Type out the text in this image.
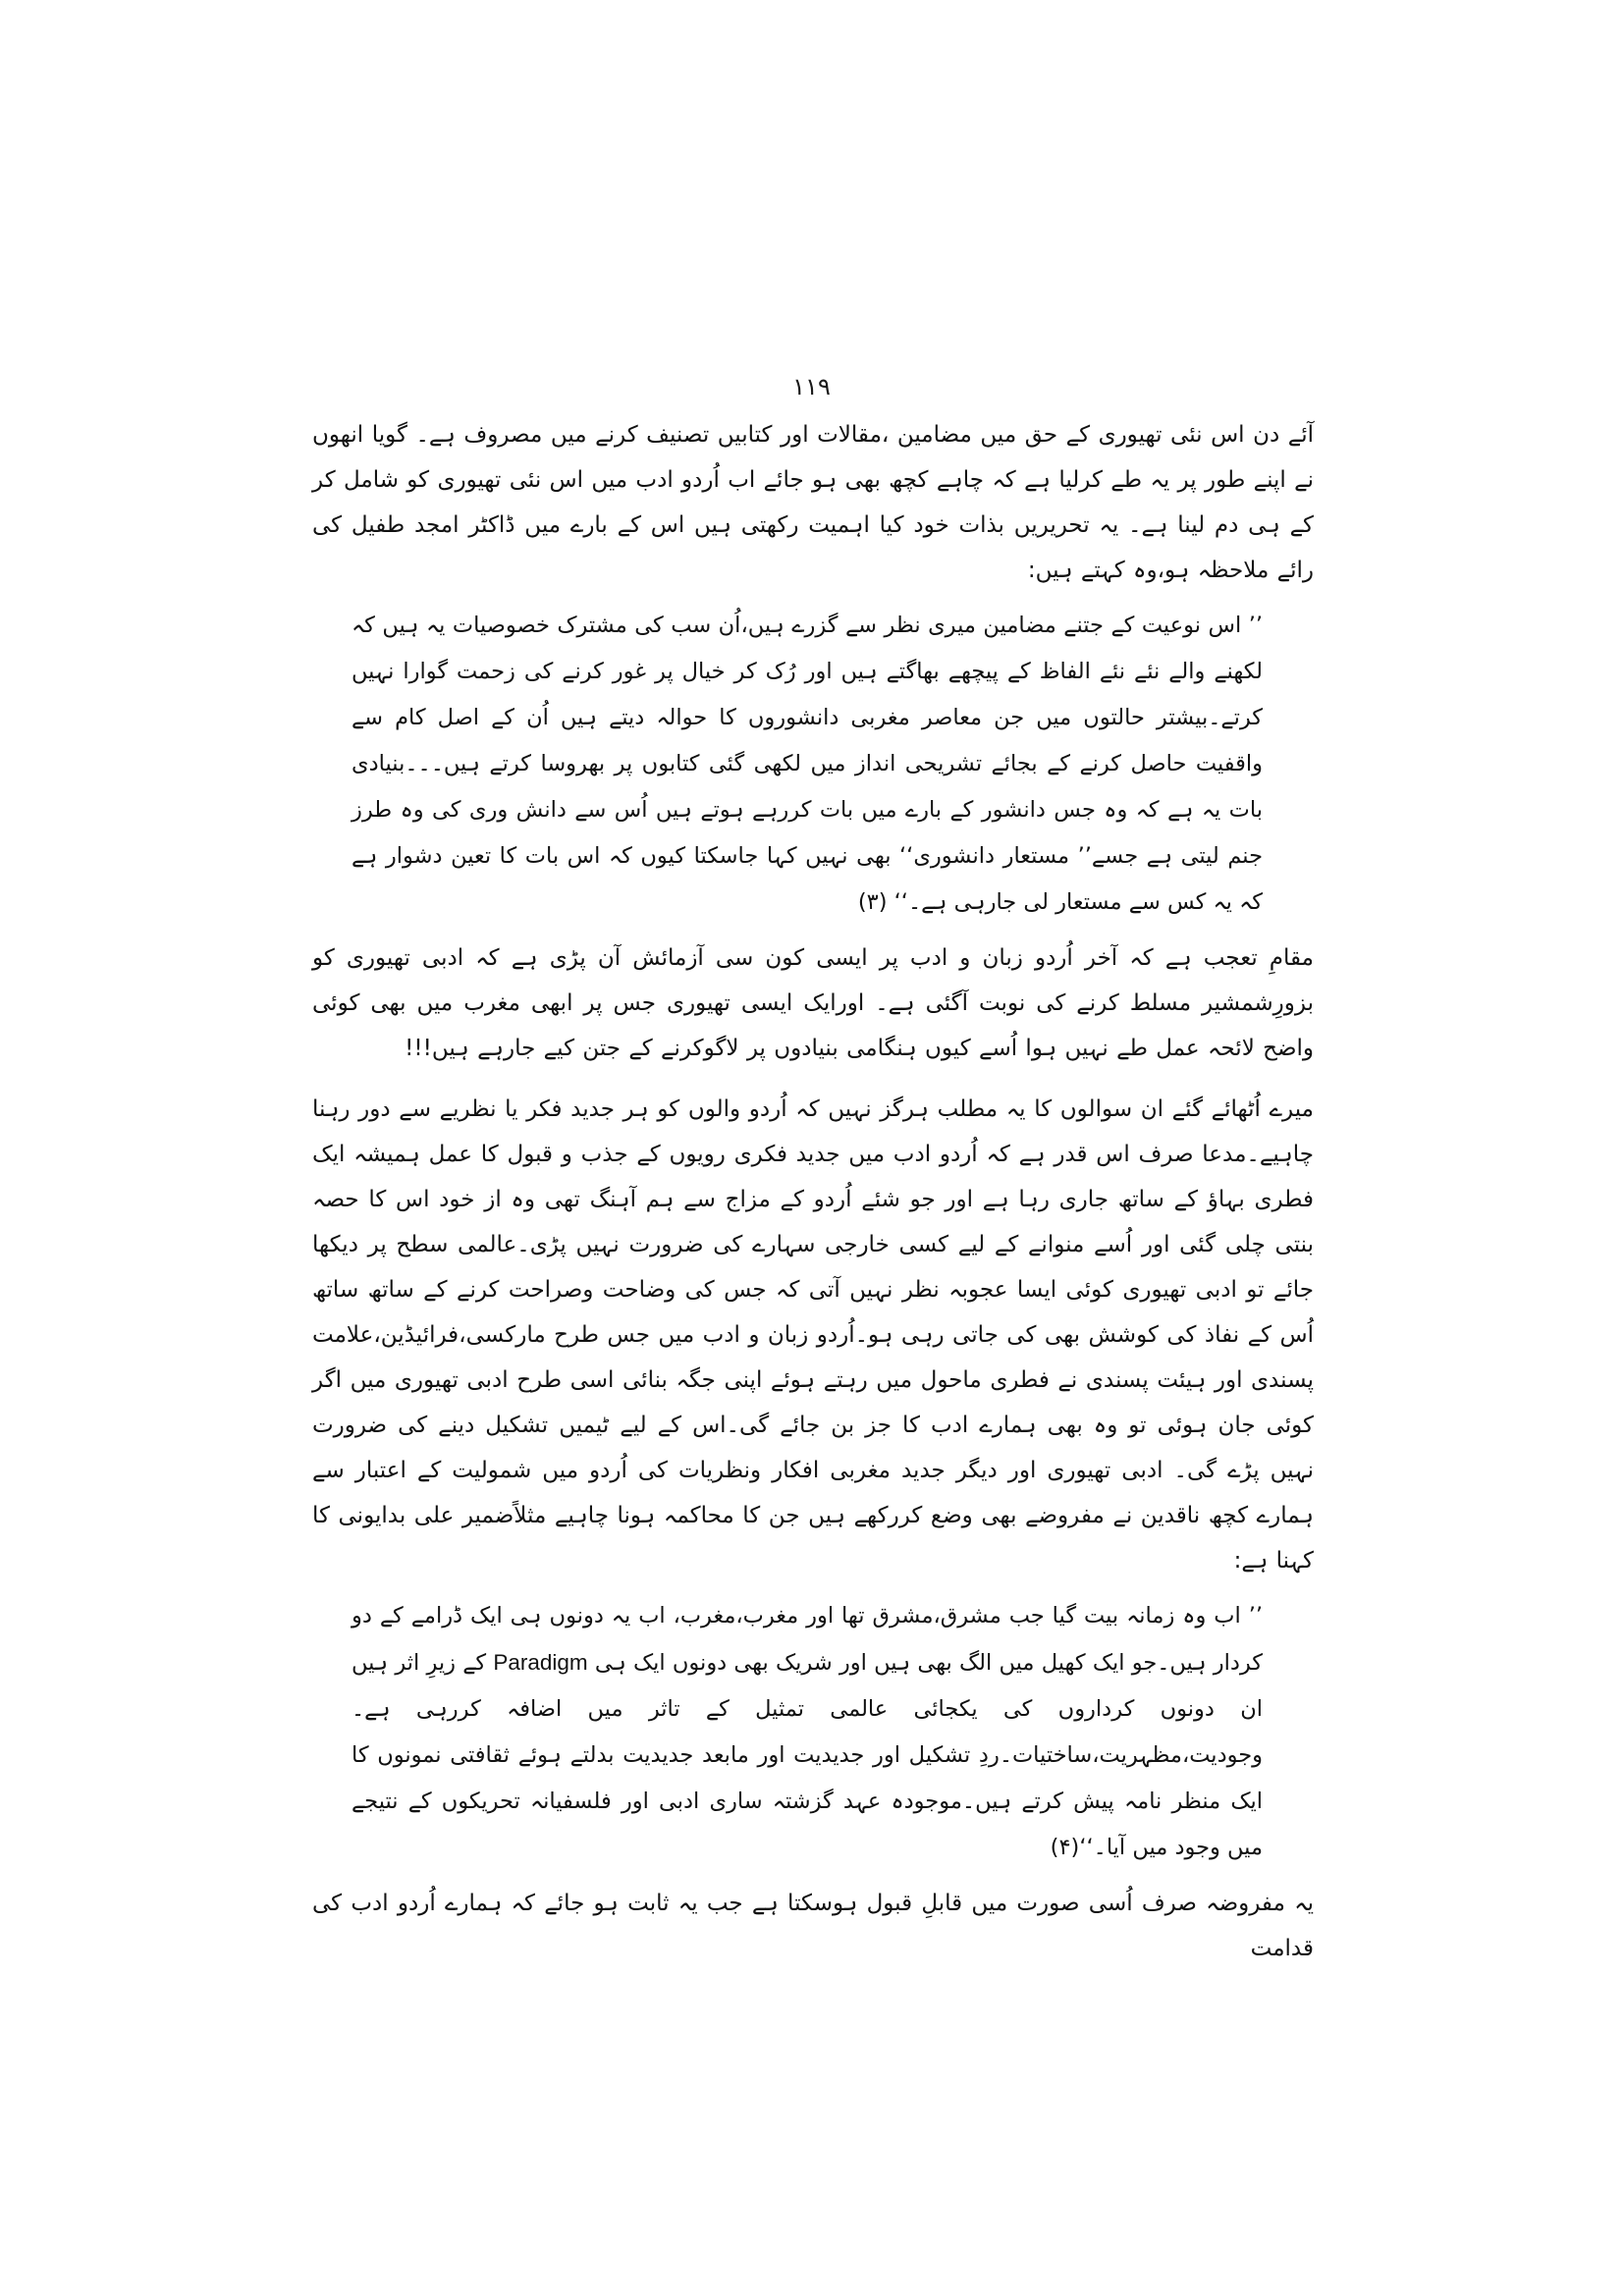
۱۱۹

آئے دن اس نئی تھیوری کے حق میں مضامین ،مقالات اور کتابیں تصنیف کرنے میں مصروف ہے۔ گویا انھوں نے اپنے طور پر یہ طے کرلیا ہے کہ چاہے کچھ بھی ہو جائے اب اُردو ادب میں اس نئی تھیوری کو شامل کر کے ہی دم لینا ہے۔ یہ تحریریں بذات خود کیا اہمیت رکھتی ہیں اس کے بارے میں ڈاکٹر امجد طفیل کی رائے ملاحظہ ہو،وہ کہتے ہیں:

’’ اس نوعیت کے جتنے مضامین میری نظر سے گزرے ہیں،اُن سب کی مشترک خصوصیات یہ ہیں کہ لکھنے والے نئے نئے الفاظ کے پیچھے بھاگتے ہیں اور رُک کر خیال پر غور کرنے کی زحمت گوارا نہیں کرتے۔بیشتر حالتوں میں جن معاصر مغربی دانشوروں کا حوالہ دیتے ہیں اُن کے اصل کام سے واقفیت حاصل کرنے کے بجائے تشریحی انداز میں لکھی گئی کتابوں پر بھروسا کرتے ہیں۔۔۔بنیادی بات یہ ہے کہ وہ جس دانشور کے بارے میں بات کررہے ہوتے ہیں اُس سے دانش وری کی وہ طرز جنم لیتی ہے جسے’’ مستعار دانشوری‘‘ بھی نہیں کہا جاسکتا کیوں کہ اس بات کا تعین دشوار ہے کہ یہ کس سے مستعار لی جارہی ہے۔‘‘ (۳)

مقامِ تعجب ہے کہ آخر اُردو زبان و ادب پر ایسی کون سی آزمائش آن پڑی ہے کہ ادبی تھیوری کو بزورِشمشیر مسلط کرنے کی نوبت آگئی ہے۔ اورایک ایسی تھیوری جس پر ابھی مغرب میں بھی کوئی واضح لائحہ عمل طے نہیں ہوا اُسے کیوں ہنگامی بنیادوں پر لاگوکرنے کے جتن کیے جارہے ہیں!!!

میرے اُٹھائے گئے ان سوالوں کا یہ مطلب ہرگز نہیں کہ اُردو والوں کو ہر جدید فکر یا نظریے سے دور رہنا چاہیے۔مدعا صرف اس قدر ہے کہ اُردو ادب میں جدید فکری رویوں کے جذب و قبول کا عمل ہمیشہ ایک فطری بہاؤ کے ساتھ جاری رہا ہے اور جو شئے اُردو کے مزاج سے ہم آہنگ تھی وہ از خود اس کا حصہ بنتی چلی گئی اور اُسے منوانے کے لیے کسی خارجی سہارے کی ضرورت نہیں پڑی۔عالمی سطح پر دیکھا جائے تو ادبی تھیوری کوئی ایسا عجوبہ نظر نہیں آتی کہ جس کی وضاحت وصراحت کرنے کے ساتھ ساتھ اُس کے نفاذ کی کوشش بھی کی جاتی رہی ہو۔اُردو زبان و ادب میں جس طرح مارکسی،فرائیڈین،علامت پسندی اور ہیئت پسندی نے فطری ماحول میں رہتے ہوئے اپنی جگہ بنائی اسی طرح ادبی تھیوری میں اگر کوئی جان ہوئی تو وہ بھی ہمارے ادب کا جز بن جائے گی۔اس کے لیے ٹیمیں تشکیل دینے کی ضرورت نہیں پڑے گی۔ ادبی تھیوری اور دیگر جدید مغربی افکار ونظریات کی اُردو میں شمولیت کے اعتبار سے ہمارے کچھ ناقدین نے مفروضے بھی وضع کررکھے ہیں جن کا محاکمہ ہونا چاہیے مثلاًضمیر علی بدایونی کا کہنا ہے:

’’ اب وہ زمانہ بیت گیا جب مشرق،مشرق تھا اور مغرب،مغرب، اب یہ دونوں ہی ایک ڈرامے کے دو کردار ہیں۔جو ایک کھیل میں الگ بھی ہیں اور شریک بھی دونوں ایک ہی Paradigm کے زیرِ اثر ہیں ان دونوں کرداروں کی یکجائی عالمی تمثیل کے تاثر میں اضافہ کررہی ہے۔وجودیت،مظہریت،ساختیات۔ردِ تشکیل اور جدیدیت اور مابعد جدیدیت بدلتے ہوئے ثقافتی نمونوں کا ایک منظر نامہ پیش کرتے ہیں۔موجودہ عہد گزشتہ ساری ادبی اور فلسفیانہ تحریکوں کے نتیجے میں وجود میں آیا۔‘‘(۴)

یہ مفروضہ صرف اُسی صورت میں قابلِ قبول ہوسکتا ہے جب یہ ثابت ہو جائے کہ ہمارے اُردو ادب کی قدامت
